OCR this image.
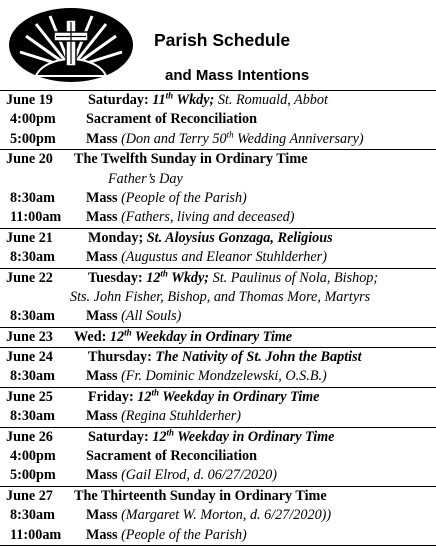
Parish Schedule
and Mass Intentions
June 19 Saturday: 11th Wkdy; St. Romuald, Abbot
4:00pm Sacrament of Reconciliation
5:00pm Mass (Don and Terry 50th Wedding Anniversary)
June 20 The Twelfth Sunday in Ordinary Time
Father’s Day
8:30am Mass (People of the Parish)
11:00am Mass (Fathers, living and deceased)
June 21 Monday; St. Aloysius Gonzaga, Religious
8:30am Mass (Augustus and Eleanor Stuhlderher)
June 22 Tuesday: 12th Wkdy; St. Paulinus of Nola, Bishop;
Sts. John Fisher, Bishop, and Thomas More, Martyrs
8:30am Mass (All Souls)
June 23 Wed: 12th Weekday in Ordinary Time
June 24 Thursday: The Nativity of St. John the Baptist
8:30am Mass (Fr. Dominic Mondzelewski, O.S.B.)
June 25 Friday: 12th Weekday in Ordinary Time
8:30am Mass (Regina Stuhlderher)
June 26 Saturday: 12th Weekday in Ordinary Time
4:00pm Sacrament of Reconciliation
5:00pm Mass (Gail Elrod, d. 06/27/2020)
June 27 The Thirteenth Sunday in Ordinary Time
8:30am Mass (Margaret W. Morton, d. 6/27/2020))
11:00am Mass (People of the Parish)
